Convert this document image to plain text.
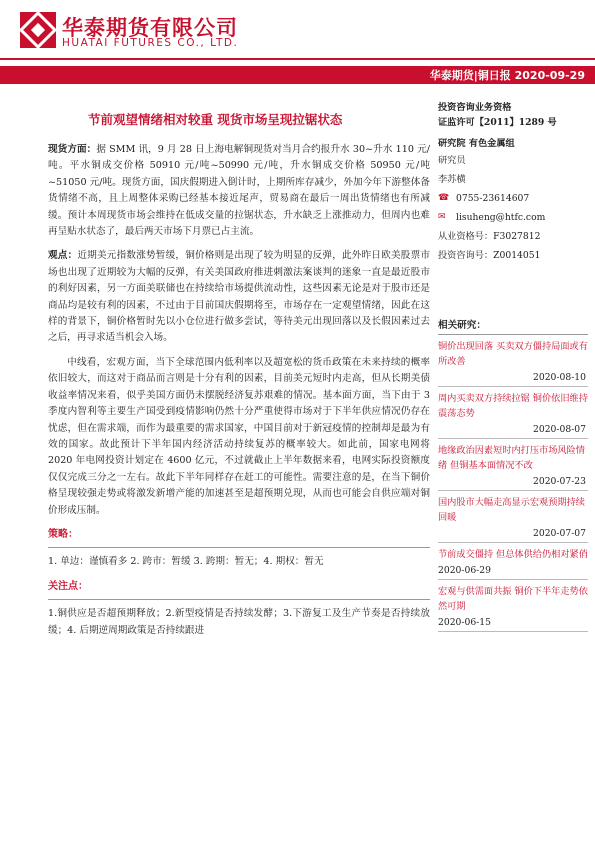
华泰期货有限公司
HUATAI FUTURES CO., LTD.
华泰期货|铜日报 2020-09-29
节前观望情绪相对较重 现货市场呈现拉锯状态

现货方面：据 SMM 讯，9 月 28 日上海电解铜现货对当月合约报升水 30~升水 110 元/吨。平水铜成交价格 50910 元/吨~50990 元/吨，升水铜成交价格 50950 元/吨~51050 元/吨。现货方面，国庆假期进入倒计时，上期所库存减少，外加今年下游整体备货情绪不高，且上周整体采购已经基本接近尾声，贸易商在最后一周出货情绪也有所减缓。预计本周现货市场会维持在低成交量的拉锯状态，升水缺乏上涨推动力，但周内也难再呈贴水状态了，最后两天市场下月票已占主流。

观点：近期美元指数涨势暂缓，铜价格则是出现了较为明显的反弹，此外昨日欧美股票市场也出现了近期较为大幅的反弹，有关美国政府推进刺激法案谈判的迷象一直是最近股市的利好因素，另一方面美联储也在持续给市场提供流动性，这些因素无论是对于股市还是商品均是较有利的因素，不过由于目前国庆假期将至，市场存在一定观望情绪，因此在这样的背景下，铜价格暂时先以小仓位进行做多尝试，等待美元出现回落以及长假因素过去之后，再寻求适当机会入场。

中线看，宏观方面，当下全球范围内低利率以及超宽松的货币政策在未来持续的概率依旧较大，而这对于商品而言则是十分有利的因素，目前美元短时内走高，但从长期美债收益率情况来看，似乎美国方面仍未摆脱经济复苏艰难的情况。基本面方面，当下由于 3 季度内智利等主要生产国受到疫情影响仍然十分严重使得市场对于下半年供应情况仍存在忧虑，但在需求端，而作为最重要的需求国家，中国目前对于新冠疫情的控制却是最为有效的国家。故此预计下半年国内经济活动持续复苏的概率较大。如此前，国家电网将 2020 年电网投资计划定在 4600 亿元，不过就截止上半年数据来看，电网实际投资额度仅仅完成三分之一左右。故此下半年同样存在赶工的可能性。需要注意的是，在当下铜价格呈现较强走势或将激发新增产能的加速甚至是超预期兑现，从而也可能会自供应端对铜价形成压制。

策略：

1. 单边：谨慎看多 2. 跨市：暂缓 3. 跨期：暂无；4. 期权：暂无

关注点：

1.铜供应是否超预期释放；2.新型疫情是否持续发酵；3.下游复工及生产节奏是否持续放缓；4. 后期逆周期政策是否持续跟进

投资咨询业务资格
证监许可【2011】1289 号
研究院 有色金属组
研究员
李苏横
☎ 0755-23614607
✉	lisuheng@htfc.com
从业资格号：F3027812
投资咨询号：Z0014051
相关研究：
铜价出现回落 买卖双方僵持局面或有所改善
2020-08-10
周内买卖双方持续拉锯 铜价依旧维持震荡态势
2020-08-07
地缘政治因素短时内打压市场风险情绪 但铜基本面情况不改
2020-07-23
国内股市大幅走高显示宏观预期持续回暖
2020-07-07
节前成交僵持 但总体供给仍相对紧俏
2020-06-29
宏观与供需面共振 铜价下半年走势依然可期
2020-06-15
